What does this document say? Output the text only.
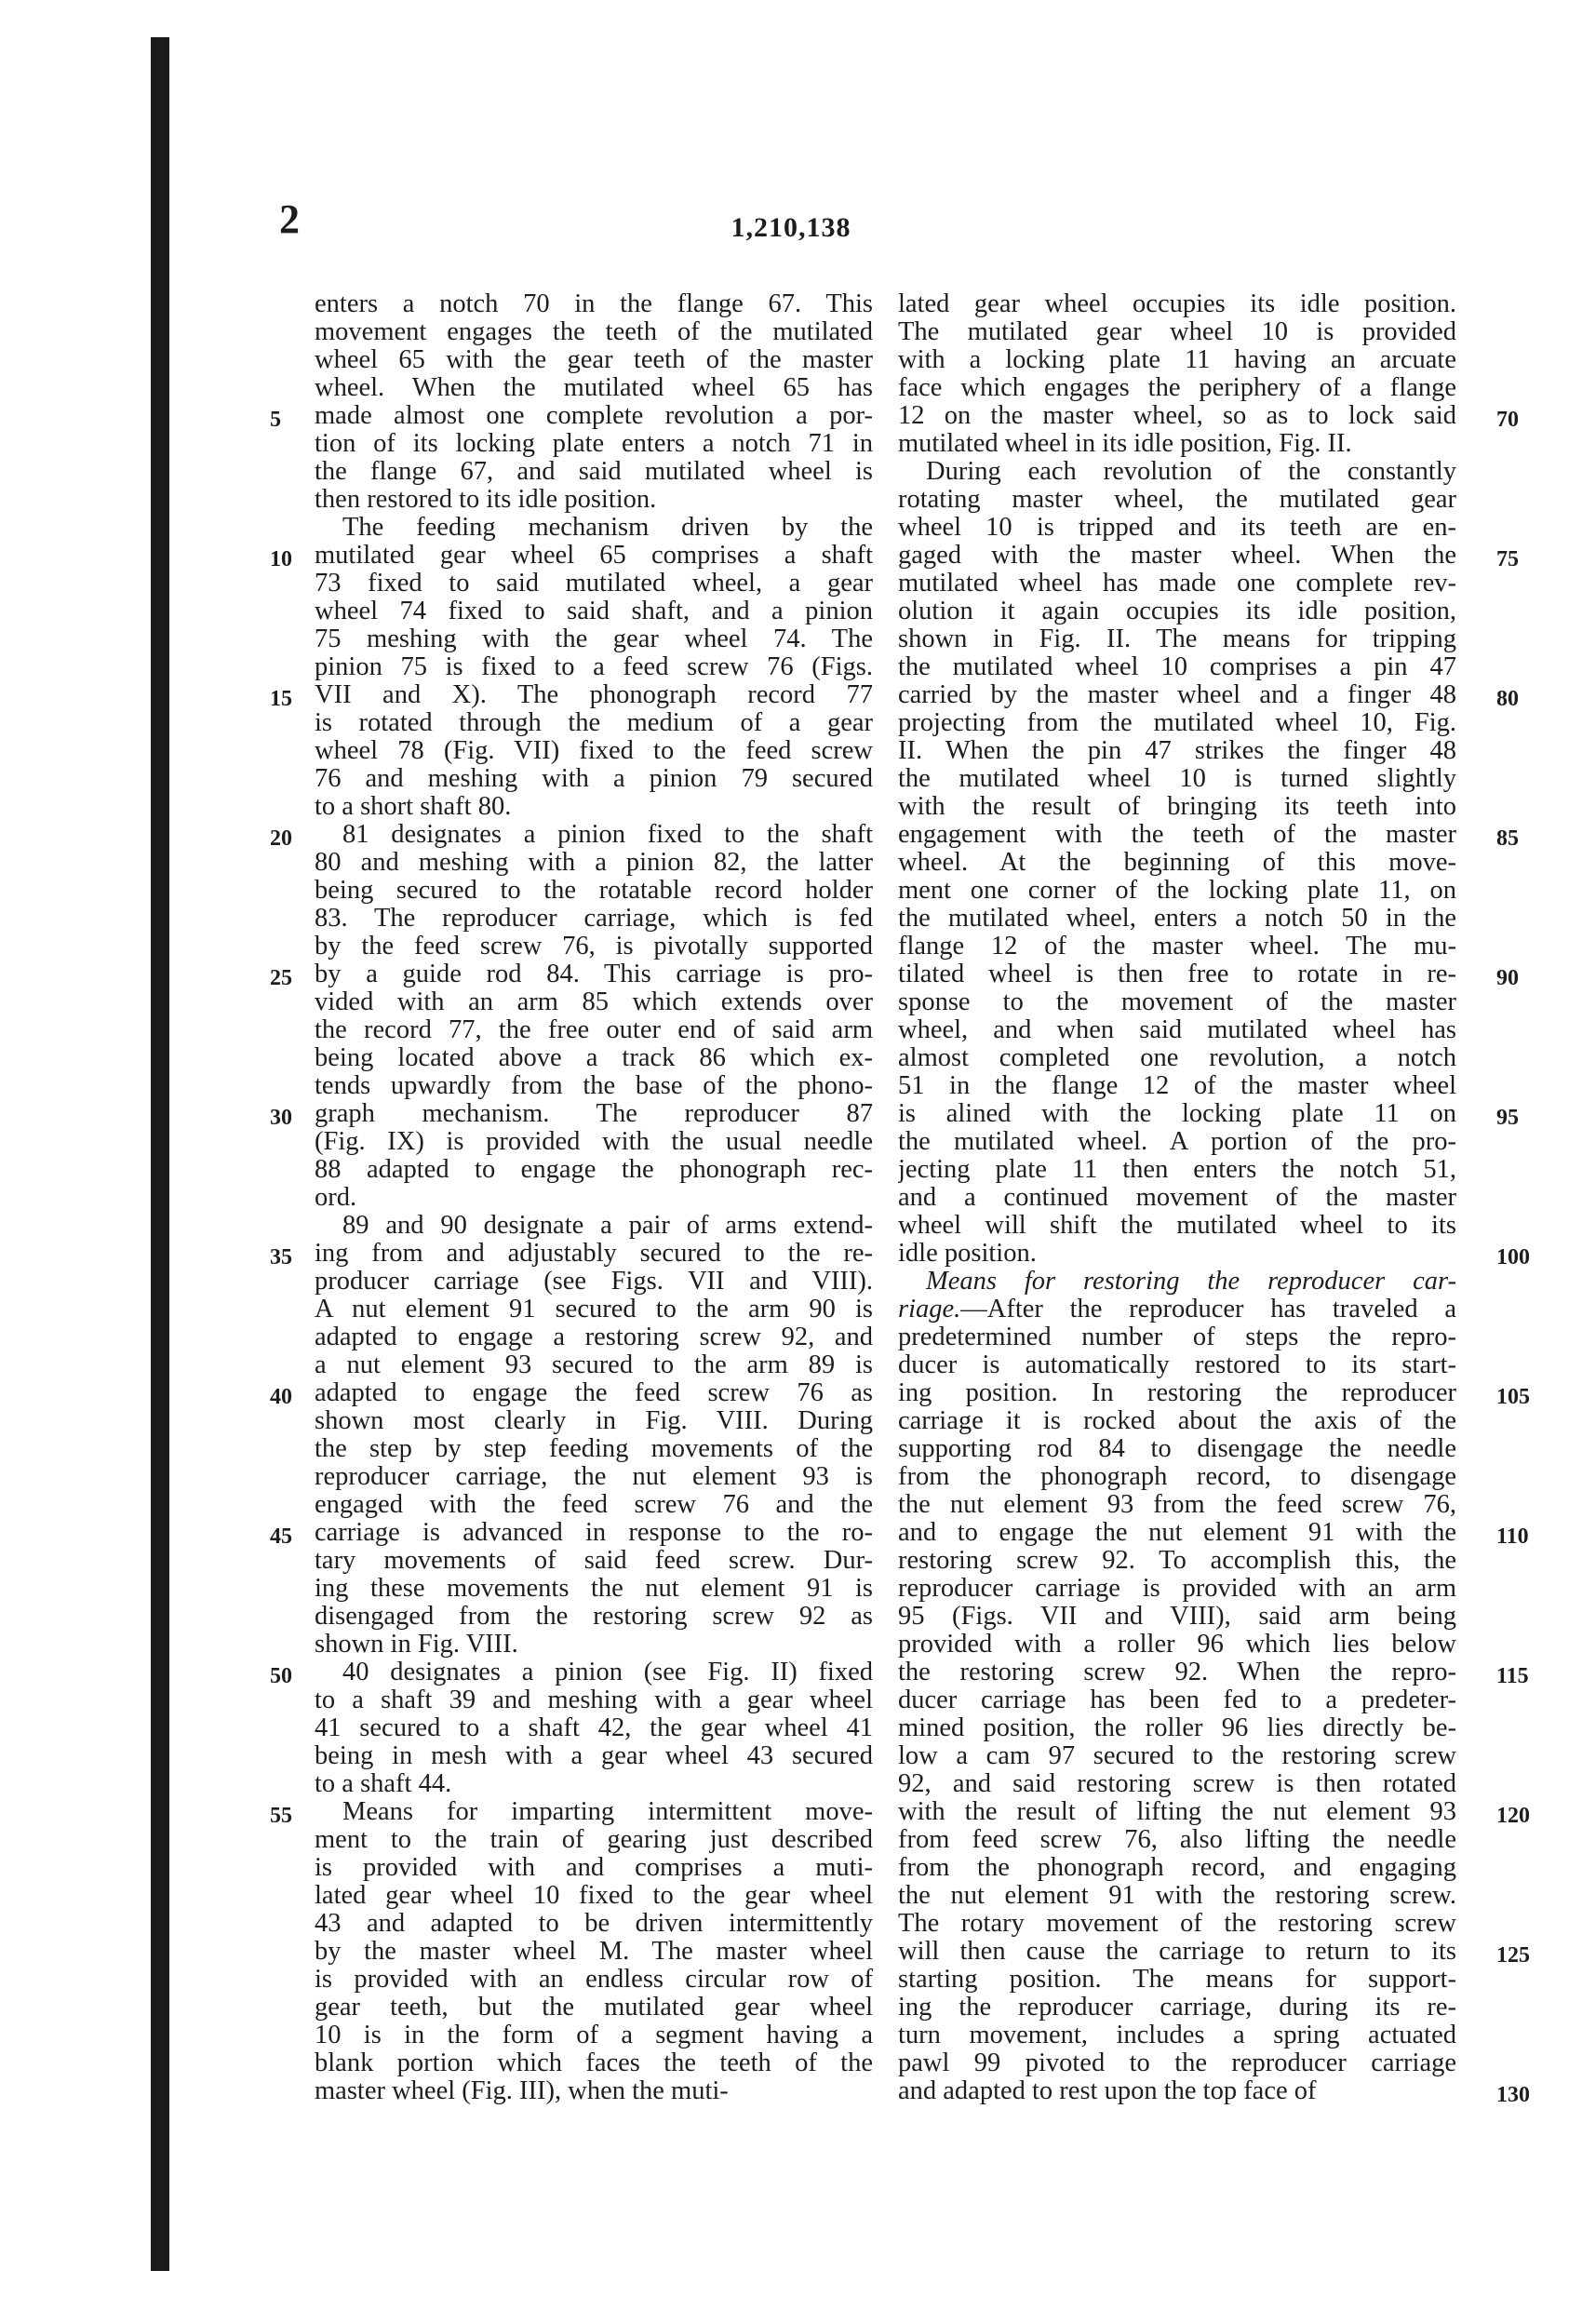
2	1,210,138
enters a notch 70 in the flange 67. This
movement engages the teeth of the mutilated
wheel 65 with the gear teeth of the master
wheel. When the mutilated wheel 65 has
made almost one complete revolution a por-
tion of its locking plate enters a notch 71 in
the flange 67, and said mutilated wheel is
then restored to its idle position.
The feeding mechanism driven by the
mutilated gear wheel 65 comprises a shaft
73 fixed to said mutilated wheel, a gear
wheel 74 fixed to said shaft, and a pinion
75 meshing with the gear wheel 74. The
pinion 75 is fixed to a feed screw 76 (Figs.
VII and X). The phonograph record 77
is rotated through the medium of a gear
wheel 78 (Fig. VII) fixed to the feed screw
76 and meshing with a pinion 79 secured
to a short shaft 80.
81 designates a pinion fixed to the shaft
80 and meshing with a pinion 82, the latter
being secured to the rotatable record holder
83. The reproducer carriage, which is fed
by the feed screw 76, is pivotally supported
by a guide rod 84. This carriage is pro-
vided with an arm 85 which extends over
the record 77, the free outer end of said arm
being located above a track 86 which ex-
tends upwardly from the base of the phono-
graph mechanism. The reproducer 87
(Fig. IX) is provided with the usual needle
88 adapted to engage the phonograph rec-
ord.
89 and 90 designate a pair of arms extend-
ing from and adjustably secured to the re-
producer carriage (see Figs. VII and VIII).
A nut element 91 secured to the arm 90 is
adapted to engage a restoring screw 92, and
a nut element 93 secured to the arm 89 is
adapted to engage the feed screw 76 as
shown most clearly in Fig. VIII. During
the step by step feeding movements of the
reproducer carriage, the nut element 93 is
engaged with the feed screw 76 and the
carriage is advanced in response to the ro-
tary movements of said feed screw. Dur-
ing these movements the nut element 91 is
disengaged from the restoring screw 92 as
shown in Fig. VIII.
40 designates a pinion (see Fig. II) fixed
to a shaft 39 and meshing with a gear wheel
41 secured to a shaft 42, the gear wheel 41
being in mesh with a gear wheel 43 secured
to a shaft 44.
Means for imparting intermittent move-
ment to the train of gearing just described
is provided with and comprises a muti-
lated gear wheel 10 fixed to the gear wheel
43 and adapted to be driven intermittently
by the master wheel M. The master wheel
is provided with an endless circular row of
gear teeth, but the mutilated gear wheel
10 is in the form of a segment having a
blank portion which faces the teeth of the
master wheel (Fig. III), when the muti-
lated gear wheel occupies its idle position.
The mutilated gear wheel 10 is provided
with a locking plate 11 having an arcuate
face which engages the periphery of a flange
12 on the master wheel, so as to lock said
mutilated wheel in its idle position, Fig. II.
During each revolution of the constantly
rotating master wheel, the mutilated gear
wheel 10 is tripped and its teeth are en-
gaged with the master wheel. When the
mutilated wheel has made one complete rev-
olution it again occupies its idle position,
shown in Fig. II. The means for tripping
the mutilated wheel 10 comprises a pin 47
carried by the master wheel and a finger 48
projecting from the mutilated wheel 10, Fig.
II. When the pin 47 strikes the finger 48
the mutilated wheel 10 is turned slightly
with the result of bringing its teeth into
engagement with the teeth of the master
wheel. At the beginning of this move-
ment one corner of the locking plate 11, on
the mutilated wheel, enters a notch 50 in the
flange 12 of the master wheel. The mu-
tilated wheel is then free to rotate in re-
sponse to the movement of the master
wheel, and when said mutilated wheel has
almost completed one revolution, a notch
51 in the flange 12 of the master wheel
is alined with the locking plate 11 on
the mutilated wheel. A portion of the pro-
jecting plate 11 then enters the notch 51,
and a continued movement of the master
wheel will shift the mutilated wheel to its
idle position.
Means for restoring the reproducer car-
riage.—After the reproducer has traveled a
predetermined number of steps the repro-
ducer is automatically restored to its start-
ing position. In restoring the reproducer
carriage it is rocked about the axis of the
supporting rod 84 to disengage the needle
from the phonograph record, to disengage
the nut element 93 from the feed screw 76,
and to engage the nut element 91 with the
restoring screw 92. To accomplish this, the
reproducer carriage is provided with an arm
95 (Figs. VII and VIII), said arm being
provided with a roller 96 which lies below
the restoring screw 92. When the repro-
ducer carriage has been fed to a predeter-
mined position, the roller 96 lies directly be-
low a cam 97 secured to the restoring screw
92, and said restoring screw is then rotated
with the result of lifting the nut element 93
from feed screw 76, also lifting the needle
from the phonograph record, and engaging
the nut element 91 with the restoring screw.
The rotary movement of the restoring screw
will then cause the carriage to return to its
starting position. The means for support-
ing the reproducer carriage, during its re-
turn movement, includes a spring actuated
pawl 99 pivoted to the reproducer carriage
and adapted to rest upon the top face of
5
10
15
20
25
30
35
40
45
50
55
70
75
80
85
90
95
100
105
110
115
120
125
130
